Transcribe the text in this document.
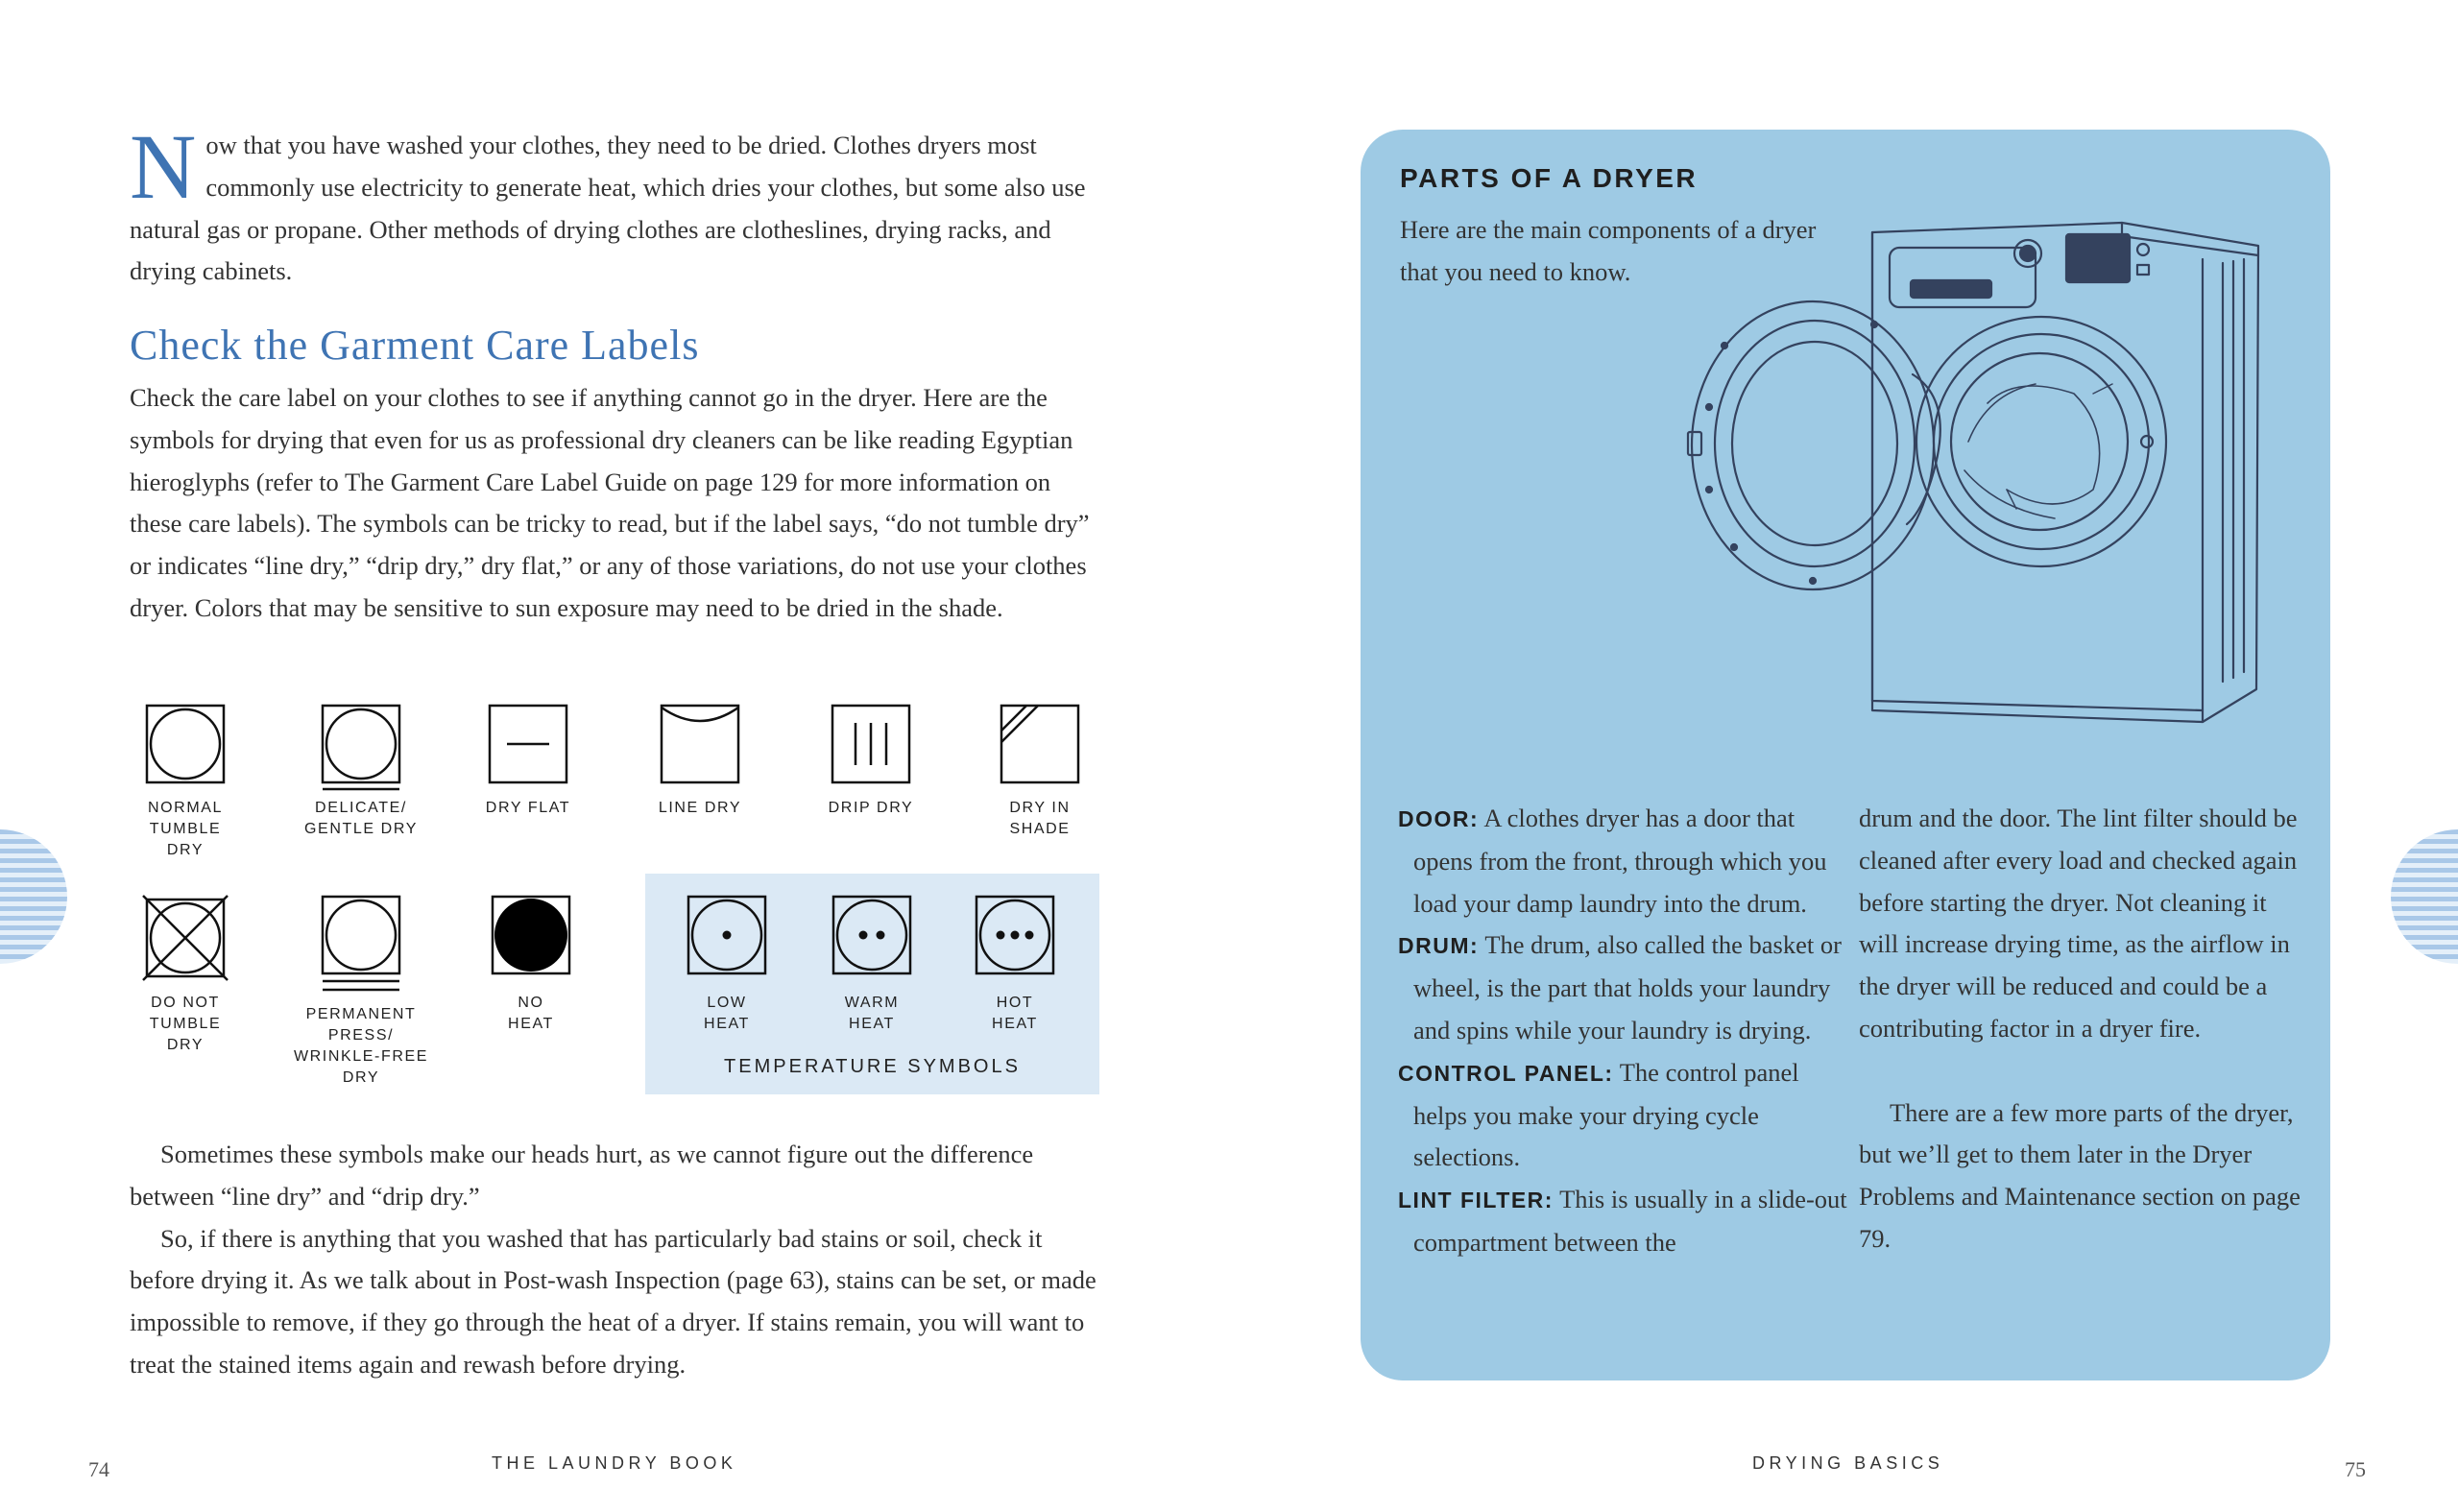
N ow that you have washed your clothes, they need to be dried. Clothes dryers most commonly use electricity to generate heat, which dries your clothes, but some also use natural gas or propane. Other methods of drying clothes are clotheslines, drying racks, and drying cabinets.
Check the Garment Care Labels

Check the care label on your clothes to see if anything cannot go in the dryer. Here are the symbols for drying that even for us as professional dry cleaners can be like reading Egyptian hieroglyphs (refer to The Garment Care Label Guide on page 129 for more information on these care labels). The symbols can be tricky to read, but if the label says, “do not tumble dry” or indicates “line dry,” “drip dry,” dry flat,” or any of those variations, do not use your clothes dryer. Colors that may be sensitive to sun exposure may need to be dried in the shade.

NORMAL
TUMBLE
DRY
DELICATE/
GENTLE DRY
DRY FLAT	LINE DRY	DRIP DRY	DRY IN
SHADE
DO NOT
TUMBLE
DRY
PERMANENT
PRESS/
WRINKLE-FREE
DRY
NO
HEAT
LOW
HEAT
WARM
HEAT
HOT
HEAT
TEMPERATURE SYMBOLS

Sometimes these symbols make our heads hurt, as we cannot figure out the difference between “line dry” and “drip dry.”

So, if there is anything that you washed that has particularly bad stains or soil, check it before drying it. As we talk about in Post-wash Inspection (page 63), stains can be set, or made impossible to remove, if they go through the heat of a dryer. If stains remain, you will want to treat the stained items again and rewash before drying.

74	THE LAUNDRY BOOK
PARTS OF A DRYER
Here are the main components of a dryer that you need to know.

DOOR: A clothes dryer has a door that opens from the front, through which you load your damp laundry into the drum.

DRUM: The drum, also called the basket or wheel, is the part that holds your laundry and spins while your laundry is drying.

CONTROL PANEL: The control panel helps you make your drying cycle selections.

LINT FILTER: This is usually in a slide-out compartment between the

drum and the door. The lint filter should be cleaned after every load and checked again before starting the dryer. Not cleaning it will increase drying time, as the airflow in the dryer will be reduced and could be a contributing factor in a dryer fire.

There are a few more parts of the dryer, but we’ll get to them later in the Dryer Problems and Maintenance section on page 79.

DRYING BASICS	75
